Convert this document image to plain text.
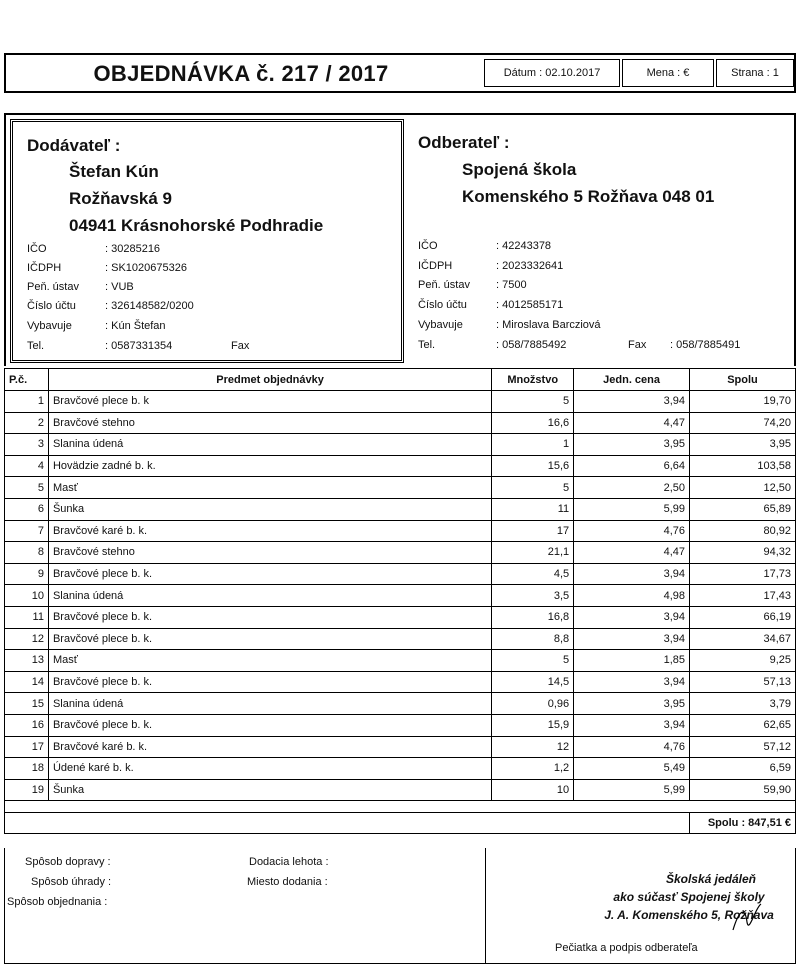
OBJEDNÁVKA č. 217 / 2017	Dátum : 02.10.2017	Mena : €	Strana : 1
Dodávateľ :
Štefan Kún
Rožňavská 9
04941 Krásnohorské Podhradie
IČO	: 30285216
IČDPH	: SK1020675326
Peň. ústav : VUB
Číslo účtu	: 326148582/0200
Vybavuje	: Kún Štefan
Tel.	: 0587331354	Fax
Odberateľ :
Spojená škola
Komenského 5 Rožňava 048 01
IČO	: 42243378
IČDPH	: 2023332641
Peň. ústav : 7500
Číslo účtu	: 4012585171
Vybavuje	: Miroslava Barcziová
Tel.	: 058/7885492	Fax : 058/7885491
P.č.	Predmet objednávky	Množstvo	Jedn. cena	Spolu
1	Bravčové plece b. k	5	3,94	19,70
2	Bravčové stehno	16,6	4,47	74,20
3	Slanina údená	1	3,95	3,95
4	Hovädzie zadné b. k.	15,6	6,64	103,58
5	Masť	5	2,50	12,50
6	Šunka	11	5,99	65,89
7	Bravčové karé b. k.	17	4,76	80,92
8	Bravčové stehno	21,1	4,47	94,32
9	Bravčové plece b. k.	4,5	3,94	17,73
10	Slanina údená	3,5	4,98	17,43
11	Bravčové plece b. k.	16,8	3,94	66,19
12	Bravčové plece b. k.	8,8	3,94	34,67
13	Masť	5	1,85	9,25
14	Bravčové plece b. k.	14,5	3,94	57,13
15	Slanina údená	0,96	3,95	3,79
16	Bravčové plece b. k.	15,9	3,94	62,65
17	Bravčové karé b. k.	12	4,76	57,12
18	Údené karé b. k.	1,2	5,49	6,59
19	Šunka	10	5,99	59,90

				Spolu : 847,51 €
Spôsob dopravy :
Spôsob úhrady :
Spôsob objednania :
Dodacia lehota :
Miesto dodania :	Školská jedáleň
ako súčasť Spojenej školy
J. A. Komenského 5, Rožňava
Pečiatka a podpis odberateľa
